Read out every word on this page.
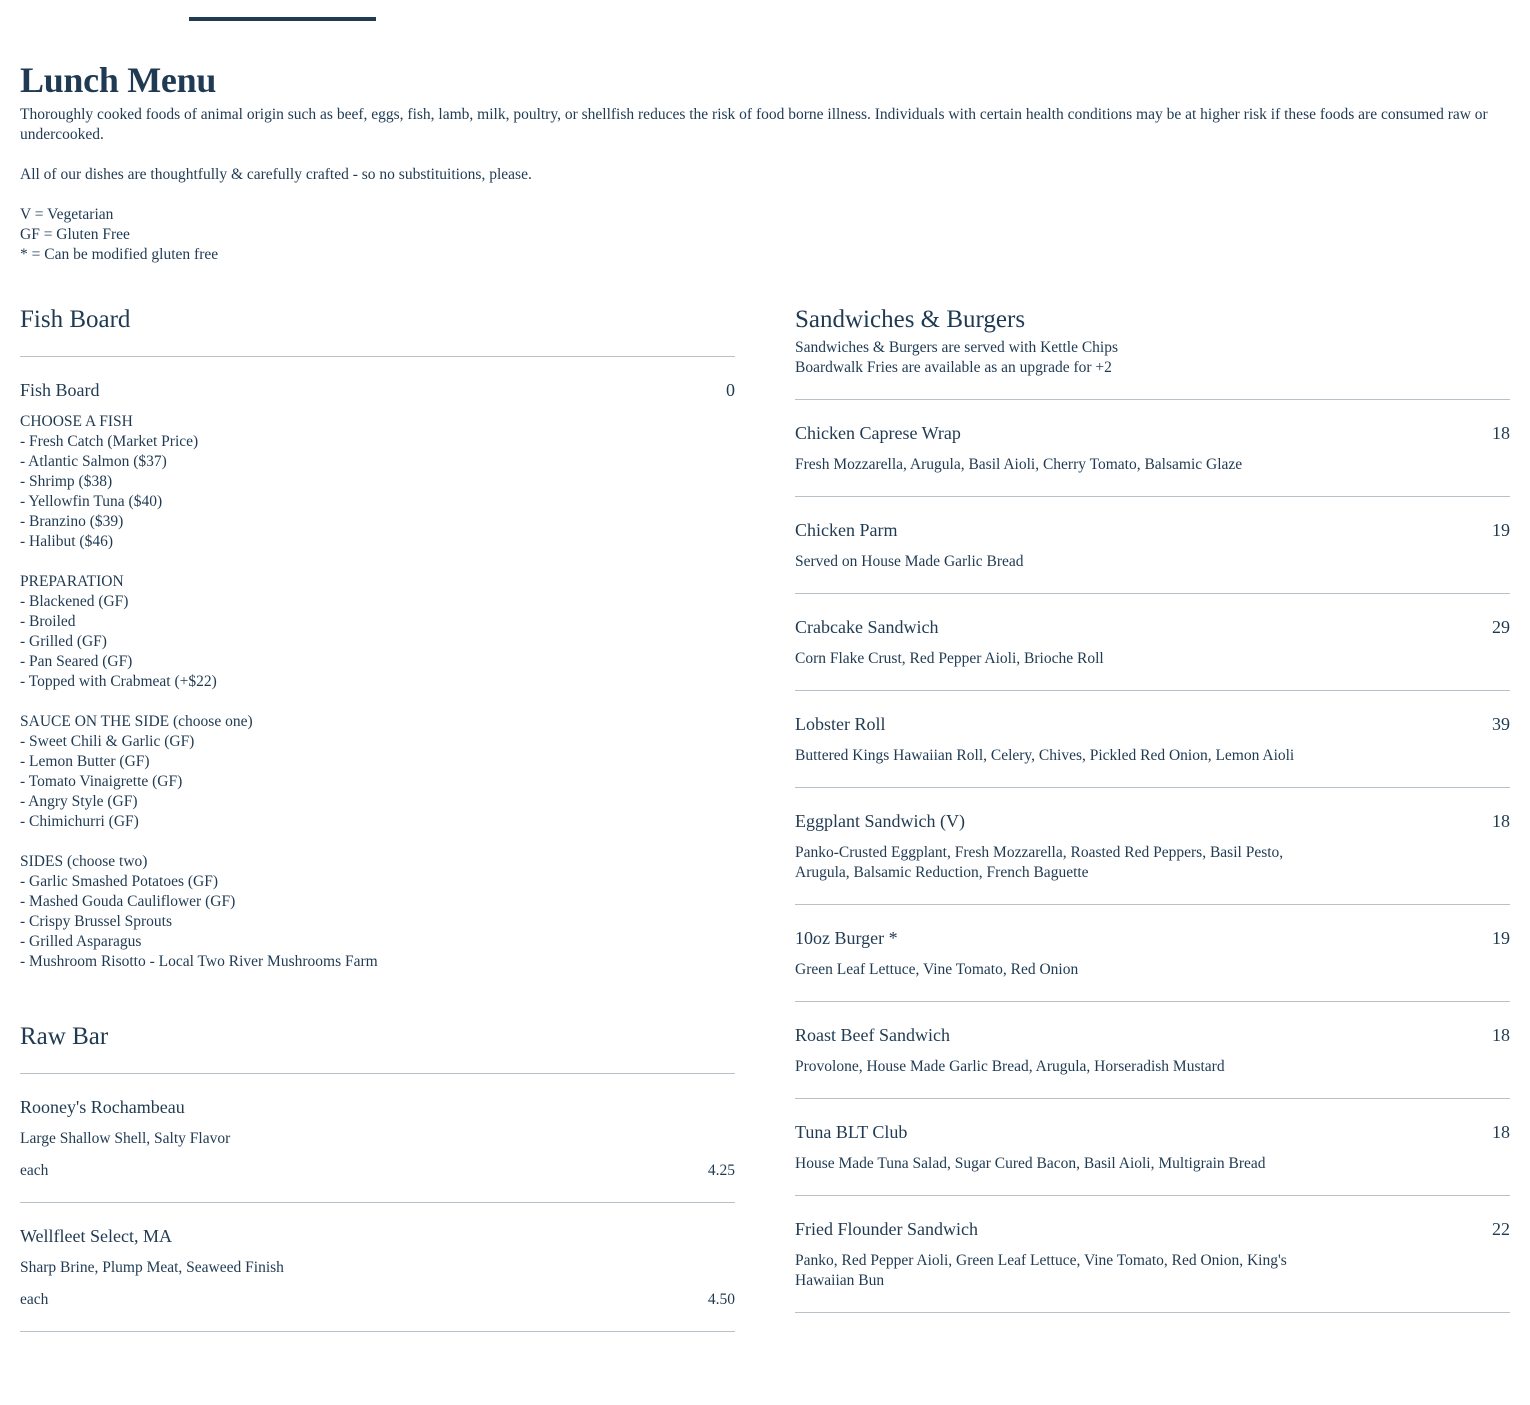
Lunch Menu

Thoroughly cooked foods of animal origin such as beef, eggs, fish, lamb, milk, poultry, or shellfish reduces the risk of food borne illness. Individuals with certain health conditions may be at higher risk if these foods are consumed raw or undercooked.

All of our dishes are thoughtfully & carefully crafted - so no substituitions, please.

V = Vegetarian

GF = Gluten Free

* = Can be modified gluten free

Fish Board
Fish Board	0
CHOOSE A FISH
- Fresh Catch (Market Price)
- Atlantic Salmon ($37)
- Shrimp ($38)
- Yellowfin Tuna ($40)
- Branzino ($39)
- Halibut ($46)
PREPARATION
- Blackened (GF)
- Broiled
- Grilled (GF)
- Pan Seared (GF)
- Topped with Crabmeat (+$22)
SAUCE ON THE SIDE (choose one)
- Sweet Chili & Garlic (GF)
- Lemon Butter (GF)
- Tomato Vinaigrette (GF)
- Angry Style (GF)
- Chimichurri (GF)
SIDES (choose two)
- Garlic Smashed Potatoes (GF)
- Mashed Gouda Cauliflower (GF)
- Crispy Brussel Sprouts
- Grilled Asparagus
- Mushroom Risotto - Local Two River Mushrooms Farm
Raw Bar
Rooney's Rochambeau
Large Shallow Shell, Salty Flavor
each	4.25
Wellfleet Select, MA
Sharp Brine, Plump Meat, Seaweed Finish
each	4.50
Sandwiches & Burgers
Sandwiches & Burgers are served with Kettle Chips
Boardwalk Fries are available as an upgrade for +2
Chicken Caprese Wrap	18
Fresh Mozzarella, Arugula, Basil Aioli, Cherry Tomato, Balsamic Glaze
Chicken Parm	19
Served on House Made Garlic Bread
Crabcake Sandwich	29
Corn Flake Crust, Red Pepper Aioli, Brioche Roll
Lobster Roll	39
Buttered Kings Hawaiian Roll, Celery, Chives, Pickled Red Onion, Lemon Aioli
Eggplant Sandwich (V)	18
Panko-Crusted Eggplant, Fresh Mozzarella, Roasted Red Peppers, Basil Pesto, Arugula, Balsamic Reduction, French Baguette
10oz Burger *	19
Green Leaf Lettuce, Vine Tomato, Red Onion
Roast Beef Sandwich	18
Provolone, House Made Garlic Bread, Arugula, Horseradish Mustard
Tuna BLT Club	18
House Made Tuna Salad, Sugar Cured Bacon, Basil Aioli, Multigrain Bread
Fried Flounder Sandwich	22
Panko, Red Pepper Aioli, Green Leaf Lettuce, Vine Tomato, Red Onion, King's Hawaiian Bun
